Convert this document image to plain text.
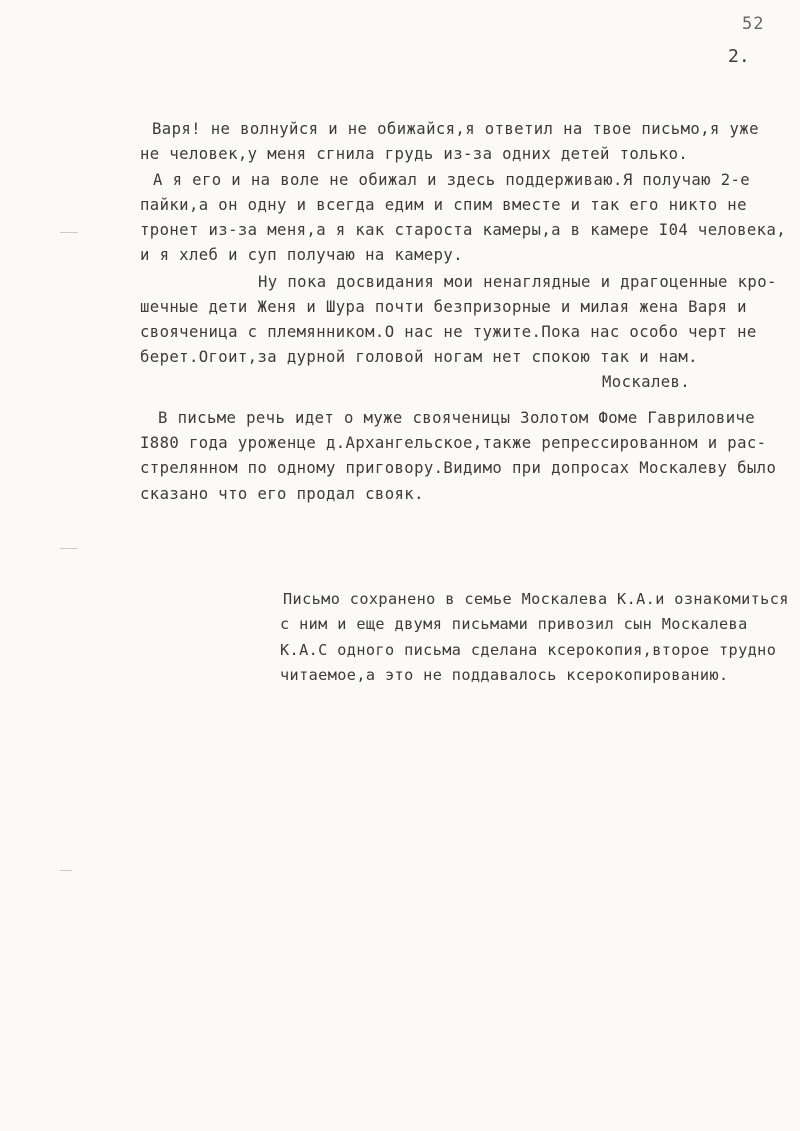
52
2.
Варя! не волнуйся и не обижайся,я ответил на твое письмо,я уже
не человек,у меня сгнила грудь из-за одних детей только.
А я его и на воле не обижал и здесь поддерживаю.Я получаю 2-е
пайки,а он одну и всегда едим и спим вместе и так его никто не
тронет из-за меня,а я как староста камеры,а в камере I04 человека,
и я хлеб и суп получаю на камеру.
Ну пока досвидания мои ненаглядные и драгоценные кро-
шечные дети Женя и Шура почти безпризорные и милая жена Варя и
своячeница с племянником.О нас не тужите.Пока нас особо черт не
берет.Огоит,за дурной головой ногам нет спокою так и нам.
Москалев.
В письме речь идет о муже свояченицы Золотом Фоме Гавриловиче
I880 года уроженце д.Архангельское,также репрессированном и рас-
стрелянном по одному приговору.Видимо при допросах Москалеву было
сказано что его продал свояк.
Письмо сохранено в семье Москалева К.А.и ознакомиться
с ним и еще двумя письмами привозил сын Москалева
К.А.С одного письма сделана ксерокопия,второе трудно
читаемое,а это не поддавалось ксерокопированию.
